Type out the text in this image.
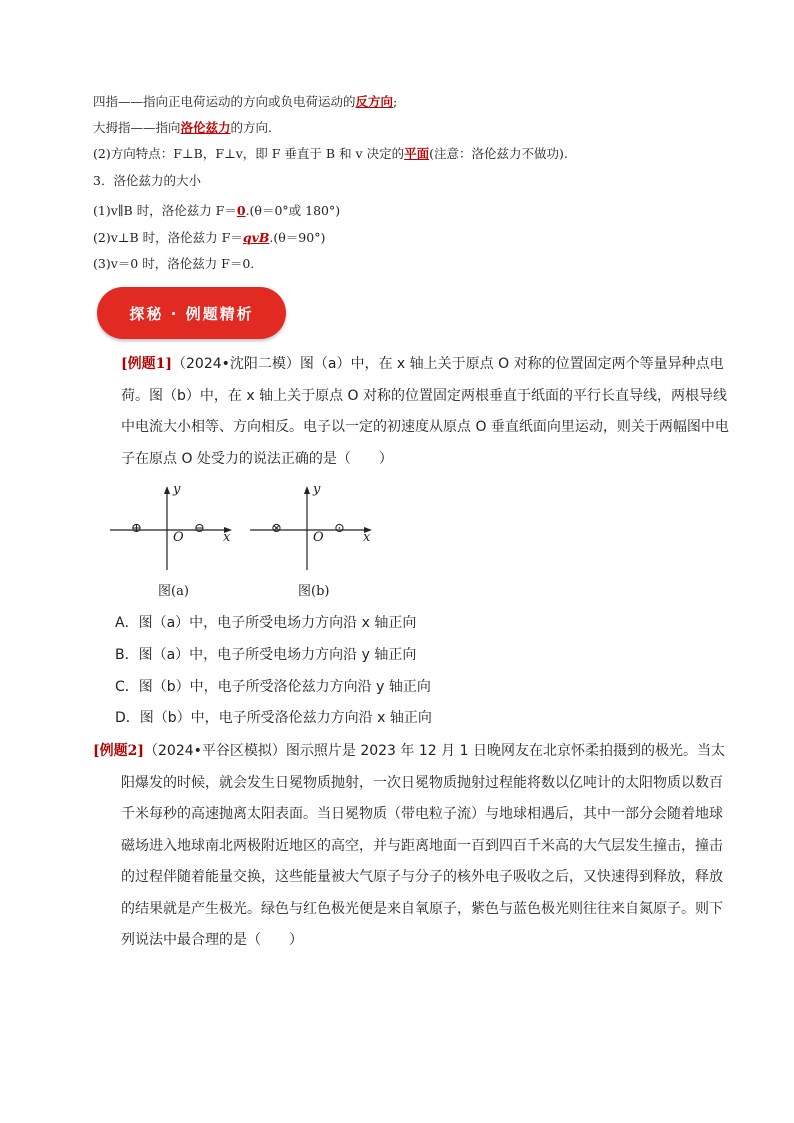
四指——指向正电荷运动的方向或负电荷运动的反方向;
大拇指——指向洛伦兹力的方向.
(2)方向特点：F⊥B，F⊥v，即 F 垂直于 B 和 v 决定的平面(注意：洛伦兹力不做功).
3．洛伦兹力的大小
(1)v∥B 时，洛伦兹力 F＝0.(θ＝0°或 180°)
(2)v⊥B 时，洛伦兹力 F＝qvB.(θ＝90°)
(3)v＝0 时，洛伦兹力 F＝0.
探秘 · 例题精析
[例题1]（2024•沈阳二模）图（a）中，在 x 轴上关于原点 O 对称的位置固定两个等量异种点电荷。图（b）中，在 x 轴上关于原点 O 对称的位置固定两根垂直于纸面的平行长直导线，两根导线中电流大小相等、方向相反。电子以一定的初速度从原点 O 垂直纸面向里运动，则关于两幅图中电子在原点 O 处受力的说法正确的是（　　）
⊕	⊖
O	x
y
⊗	⊙
O	x
y
图(a)	图(b)
A．图（a）中，电子所受电场力方向沿 x 轴正向
B．图（a）中，电子所受电场力方向沿 y 轴正向
C．图（b）中，电子所受洛伦兹力方向沿 y 轴正向
D．图（b）中，电子所受洛伦兹力方向沿 x 轴正向
[例题2]（2024•平谷区模拟）图示照片是 2023 年 12 月 1 日晚网友在北京怀柔拍摄到的极光。当太阳爆发的时候，就会发生日冕物质抛射，一次日冕物质抛射过程能将数以亿吨计的太阳物质以数百千米每秒的高速抛离太阳表面。当日冕物质（带电粒子流）与地球相遇后，其中一部分会随着地球磁场进入地球南北两极附近地区的高空，并与距离地面一百到四百千米高的大气层发生撞击，撞击的过程伴随着能量交换，这些能量被大气原子与分子的核外电子吸收之后，又快速得到释放，释放的结果就是产生极光。绿色与红色极光便是来自氧原子，紫色与蓝色极光则往往来自氮原子。则下列说法中最合理的是（　　）
